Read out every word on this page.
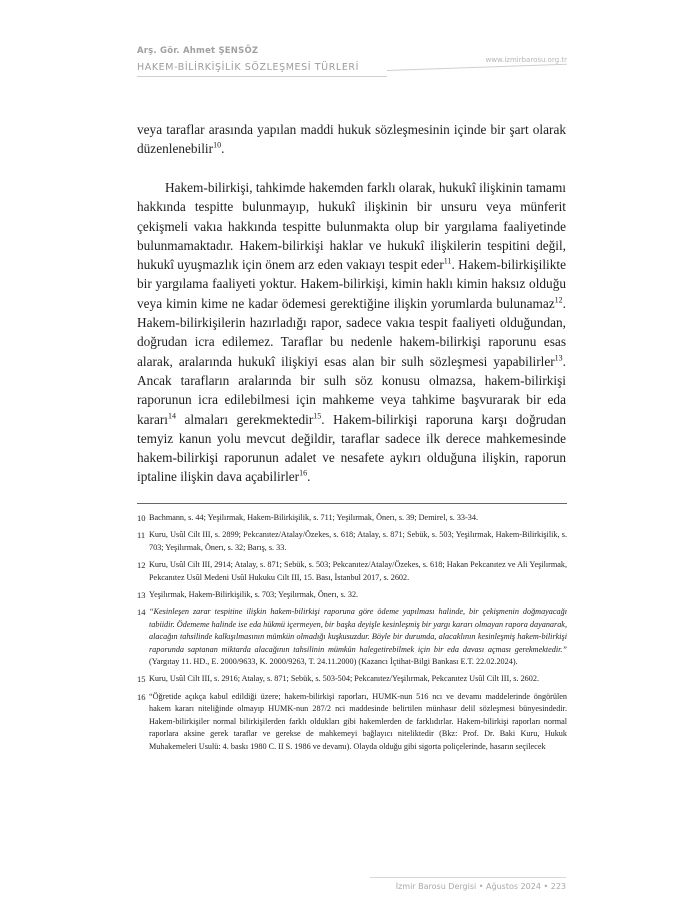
Arş. Gör. Ahmet ŞENSÖZ
HAKEM-BİLİRKİŞİLİK SÖZLEŞMESİ TÜRLERİ
www.izmirbarosu.org.tr
veya taraflar arasında yapılan maddi hukuk sözleşmesinin içinde bir şart olarak düzenlenebilir$^{10}$.
Hakem-bilirkişi, tahkimde hakemden farklı olarak, hukukî ilişkinin tamamı hakkında tespitte bulunmayıp, hukukî ilişkinin bir unsuru veya münferit çekişmeli vakıa hakkında tespitte bulunmakta olup bir yargılama faaliyetinde bulunmamaktadır. Hakem-bilirkişi haklar ve hukukî ilişkilerin tespitini değil, hukukî uyuşmazlık için önem arz eden vakıayı tespit eder$^{11}$. Hakem-bilirkişilikte bir yargılama faaliyeti yoktur. Hakem-bilirkişi, kimin haklı kimin haksız olduğu veya kimin kime ne kadar ödemesi gerektiğine ilişkin yorumlarda bulunamaz$^{12}$. Hakem-bilirkişilerin hazırladığı rapor, sadece vakıa tespit faaliyeti olduğundan, doğrudan icra edilemez. Taraflar bu nedenle hakem-bilirkişi raporunu esas alarak, aralarında hukukî ilişkiyi esas alan bir sulh sözleşmesi yapabilirler$^{13}$. Ancak tarafların aralarında bir sulh söz konusu olmazsa, hakem-bilirkişi raporunun icra edilebilmesi için mahkeme veya tahkime başvurarak bir eda kararı$^{14}$ almaları gerekmektedir$^{15}$. Hakem-bilirkişi raporuna karşı doğrudan temyiz kanun yolu mevcut değildir, taraflar sadece ilk derece mahkemesinde hakem-bilirkişi raporunun adalet ve nesafete aykırı olduğuna ilişkin, raporun iptaline ilişkin dava açabilirler$^{16}$.
10 Bachmann, s. 44; Yeşilırmak, Hakem-Bilirkişilik, s. 711; Yeşilırmak, Önerı, s. 39; Demirel, s. 33-34.
11 Kuru, Usûl Cilt III, s. 2899; Pekcanıtez/Atalay/Özekes, s. 618; Atalay, s. 871; Sebük, s. 503; Yeşilırmak, Hakem-Bilirkişilik, s. 703; Yeşilırmak, Önerı, s. 32; Barış, s. 33.
12 Kuru, Usûl Cilt III, 2914; Atalay, s. 871; Sebük, s. 503; Pekcanıtez/Atalay/Özekes, s. 618; Hakan Pekcanıtez ve Ali Yeşilırmak, Pekcanıtez Usûl Medeni Usûl Hukuku Cilt III, 15. Bası, İstanbul 2017, s. 2602.
13 Yeşilırmak, Hakem-Bilirkişilik, s. 703; Yeşilırmak, Önerı, s. 32.
14 “Kesinleşen zarar tespitine ilişkin hakem-bilirkişi raporuna göre ödeme yapılması halinde, bir çekişmenin doğmayacağı tabiidir. Ödememe halinde ise eda hükmü içermeyen, bir başka deyişle kesinleşmiş bir yargı kararı olmayan rapora dayanarak, alacağın tahsilinde kalkışılmasının mümkün olmadığı kuşkusuzdur. Böyle bir durumda, alacaklının kesinleşmiş hakem-bilirkişi raporunda saptanan miktarda alacağının tahsilinin mümkün halegetirebilmek için bir eda davası açması gerekmektedir.” (Yargıtay 11. HD., E. 2000/9633, K. 2000/9263, T. 24.11.2000) (Kazancı İçtihat-Bilgi Bankası E.T. 22.02.2024).
15 Kuru, Usûl Cilt III, s. 2916; Atalay, s. 871; Sebük, s. 503-504; Pekcanıtez/Yeşilırmak, Pekcanıtez Usûl Cilt III, s. 2602.
16 “Öğretide açıkça kabul edildiği üzere; hakem-bilirkişi raporları, HUMK-nun 516 ncı ve devamı maddelerinde öngörülen hakem kararı niteliğinde olmayıp HUMK-nun 287/2 nci maddesinde belirtilen münhasır delil sözleşmesi bünyesindedir. Hakem-bilirkişiler normal bilirkişilerden farklı oldukları gibi hakemlerden de farklıdırlar. Hakem-bilirkişi raporları normal raporlara aksine gerek taraflar ve gerekse de mahkemeyi bağlayıcı niteliktedir (Bkz: Prof. Dr. Baki Kuru, Hukuk Muhakemeleri Usulü: 4. baskı 1980 C. II S. 1986 ve devamı). Olayda olduğu gibi sigorta poliçelerinde, hasarın seçilecek
İzmir Barosu Dergisi • Ağustos 2024 • 223
